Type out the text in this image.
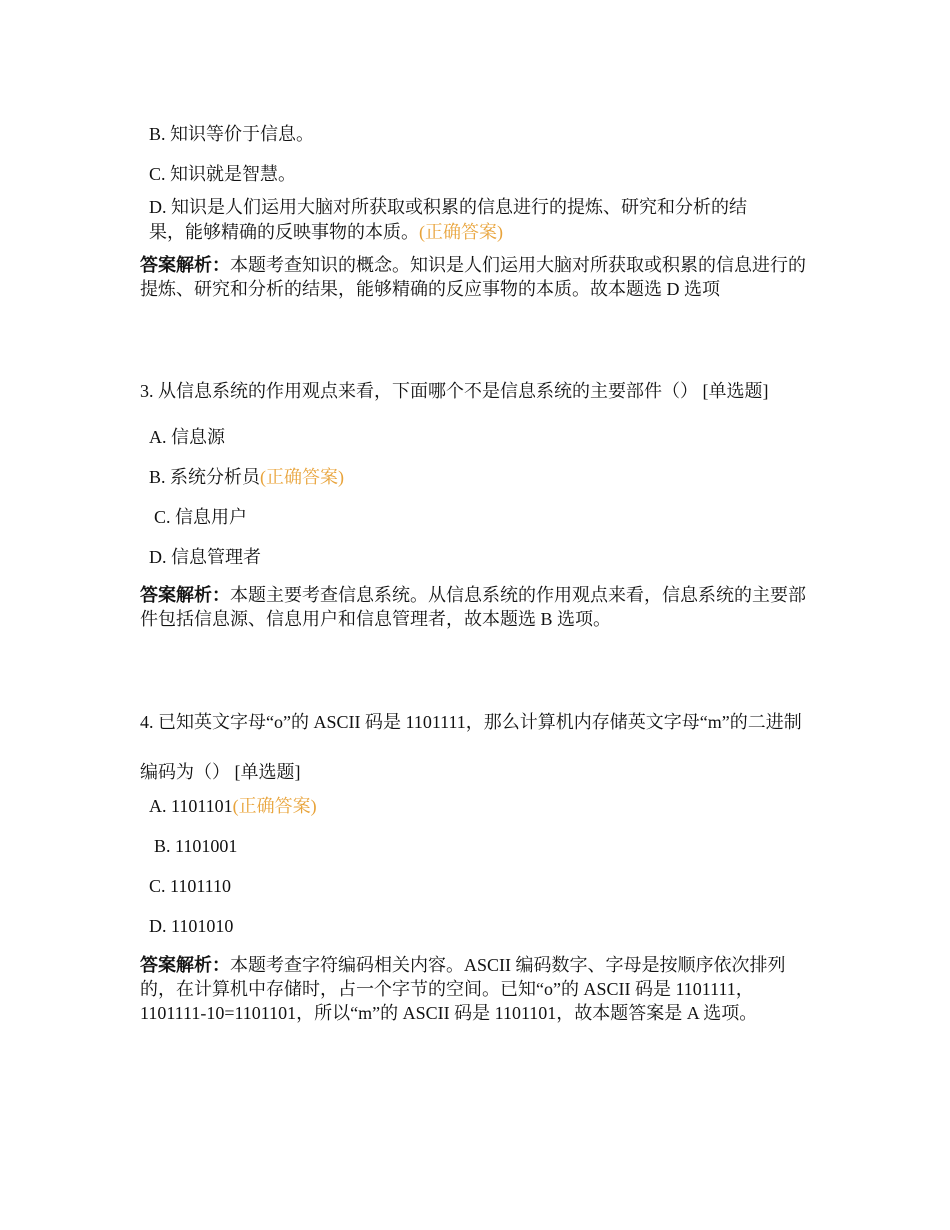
B. 知识等价于信息。
C. 知识就是智慧。
D. 知识是人们运用大脑对所获取或积累的信息进行的提炼、研究和分析的结
果，能够精确的反映事物的本质。(正确答案)
答案解析：本题考查知识的概念。知识是人们运用大脑对所获取或积累的信息进行的提炼、研究和分析的结果，能够精确的反应事物的本质。故本题选 D 选项
3. 从信息系统的作用观点来看，下面哪个不是信息系统的主要部件（） [单选题]
A. 信息源
B. 系统分析员(正确答案)
C. 信息用户
D. 信息管理者
答案解析：本题主要考查信息系统。从信息系统的作用观点来看，信息系统的主要部件包括信息源、信息用户和信息管理者，故本题选 B 选项。
4. 已知英文字母“o”的 ASCII 码是 1101111，那么计算机内存储英文字母“m”的二进制编码为（） [单选题]
A. 1101101(正确答案)
B. 1101001
C. 1101110
D. 1101010
答案解析：本题考查字符编码相关内容。ASCII 编码数字、字母是按顺序依次排列的，在计算机中存储时，占一个字节的空间。已知“o”的 ASCII 码是 1101111，1101111-10=1101101，所以“m”的 ASCII 码是 1101101，故本题答案是 A 选项。
